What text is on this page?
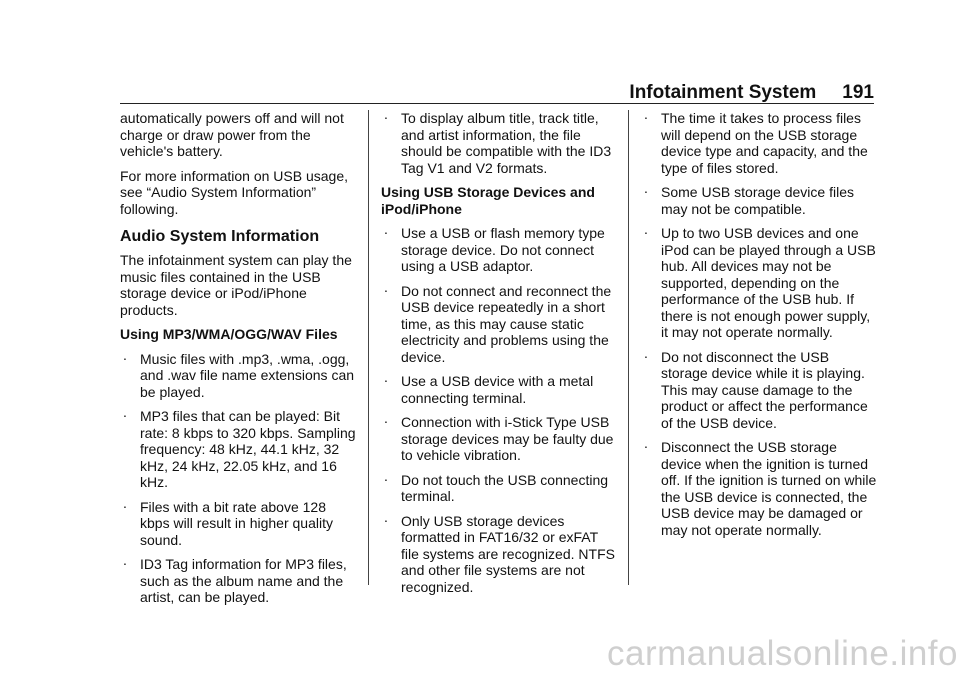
Infotainment System 191

automatically powers off and will not charge or draw power from the vehicle's battery.

For more information on USB usage, see “Audio System Information” following.

Audio System Information

The infotainment system can play the music files contained in the USB storage device or iPod/iPhone products.

Using MP3/WMA/OGG/WAV Files

. Music files with .mp3, .wma, .ogg, and .wav file name extensions can be played.
. MP3 files that can be played: Bit rate: 8 kbps to 320 kbps. Sampling frequency: 48 kHz, 44.1 kHz, 32 kHz, 24 kHz, 22.05 kHz, and 16 kHz.
. Files with a bit rate above 128 kbps will result in higher quality sound.
. ID3 Tag information for MP3 files, such as the album name and the artist, can be played.
. To display album title, track title, and artist information, the file should be compatible with the ID3 Tag V1 and V2 formats.

Using USB Storage Devices and iPod/iPhone

. Use a USB or flash memory type storage device. Do not connect using a USB adaptor.
. Do not connect and reconnect the USB device repeatedly in a short time, as this may cause static electricity and problems using the device.
. Use a USB device with a metal connecting terminal.
. Connection with i-Stick Type USB storage devices may be faulty due to vehicle vibration.
. Do not touch the USB connecting terminal.
. Only USB storage devices formatted in FAT16/32 or exFAT file systems are recognized. NTFS and other file systems are not recognized.
. The time it takes to process files will depend on the USB storage device type and capacity, and the type of files stored.
. Some USB storage device files may not be compatible.
. Up to two USB devices and one iPod can be played through a USB hub. All devices may not be supported, depending on the performance of the USB hub. If there is not enough power supply, it may not operate normally.
. Do not disconnect the USB storage device while it is playing. This may cause damage to the product or affect the performance of the USB device.
. Disconnect the USB storage device when the ignition is turned off. If the ignition is turned on while the USB device is connected, the USB device may be damaged or may not operate normally.
carmanualsonline.info
